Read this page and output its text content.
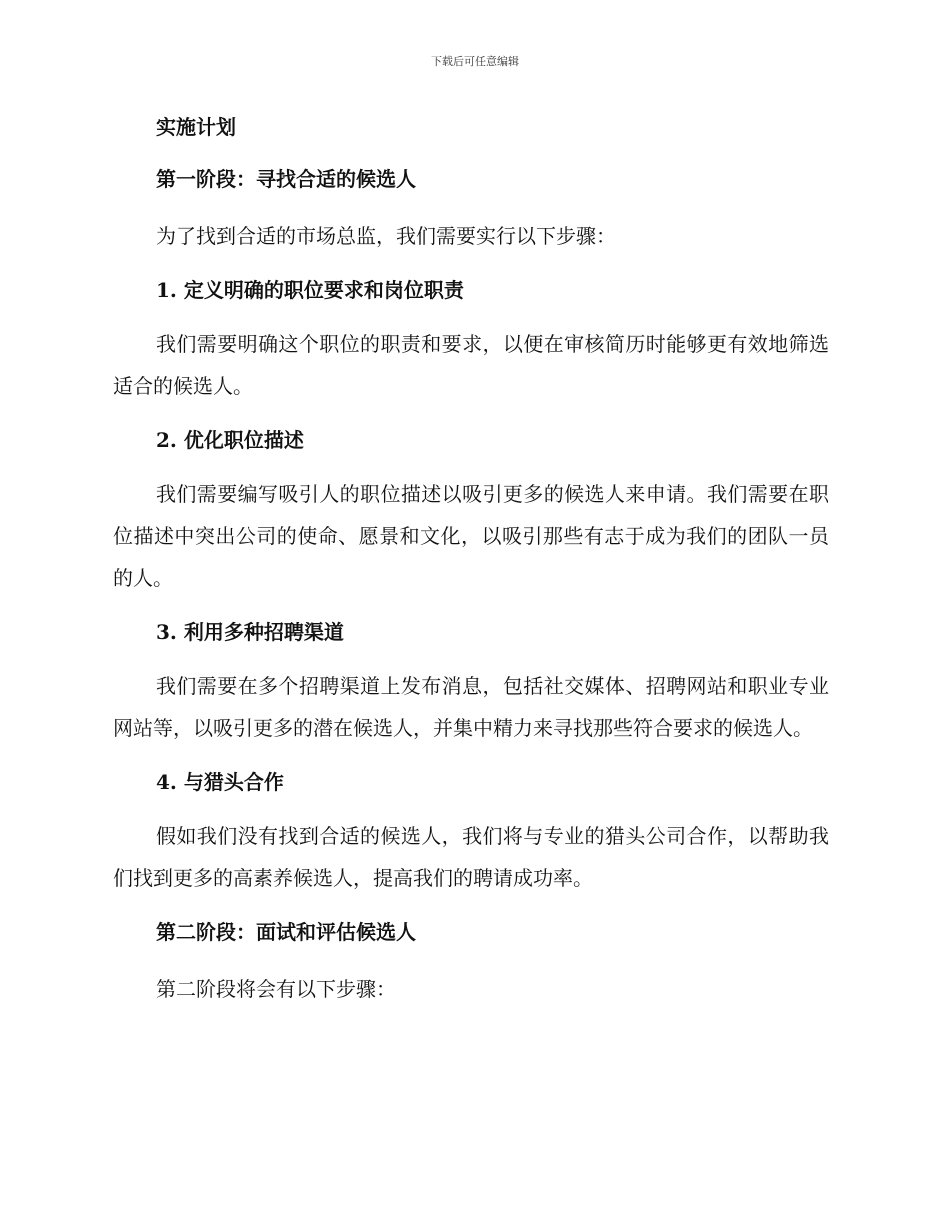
下载后可任意编辑
实施计划
第一阶段：寻找合适的候选人

为了找到合适的市场总监，我们需要实行以下步骤：

1. 定义明确的职位要求和岗位职责

我们需要明确这个职位的职责和要求，以便在审核简历时能够更有效地筛选适合的候选人。

2. 优化职位描述

我们需要编写吸引人的职位描述以吸引更多的候选人来申请。我们需要在职位描述中突出公司的使命、愿景和文化，以吸引那些有志于成为我们的团队一员的人。

3. 利用多种招聘渠道

我们需要在多个招聘渠道上发布消息，包括社交媒体、招聘网站和职业专业网站等，以吸引更多的潜在候选人，并集中精力来寻找那些符合要求的候选人。

4. 与猎头合作

假如我们没有找到合适的候选人，我们将与专业的猎头公司合作，以帮助我们找到更多的高素养候选人，提高我们的聘请成功率。

第二阶段：面试和评估候选人

第二阶段将会有以下步骤：
